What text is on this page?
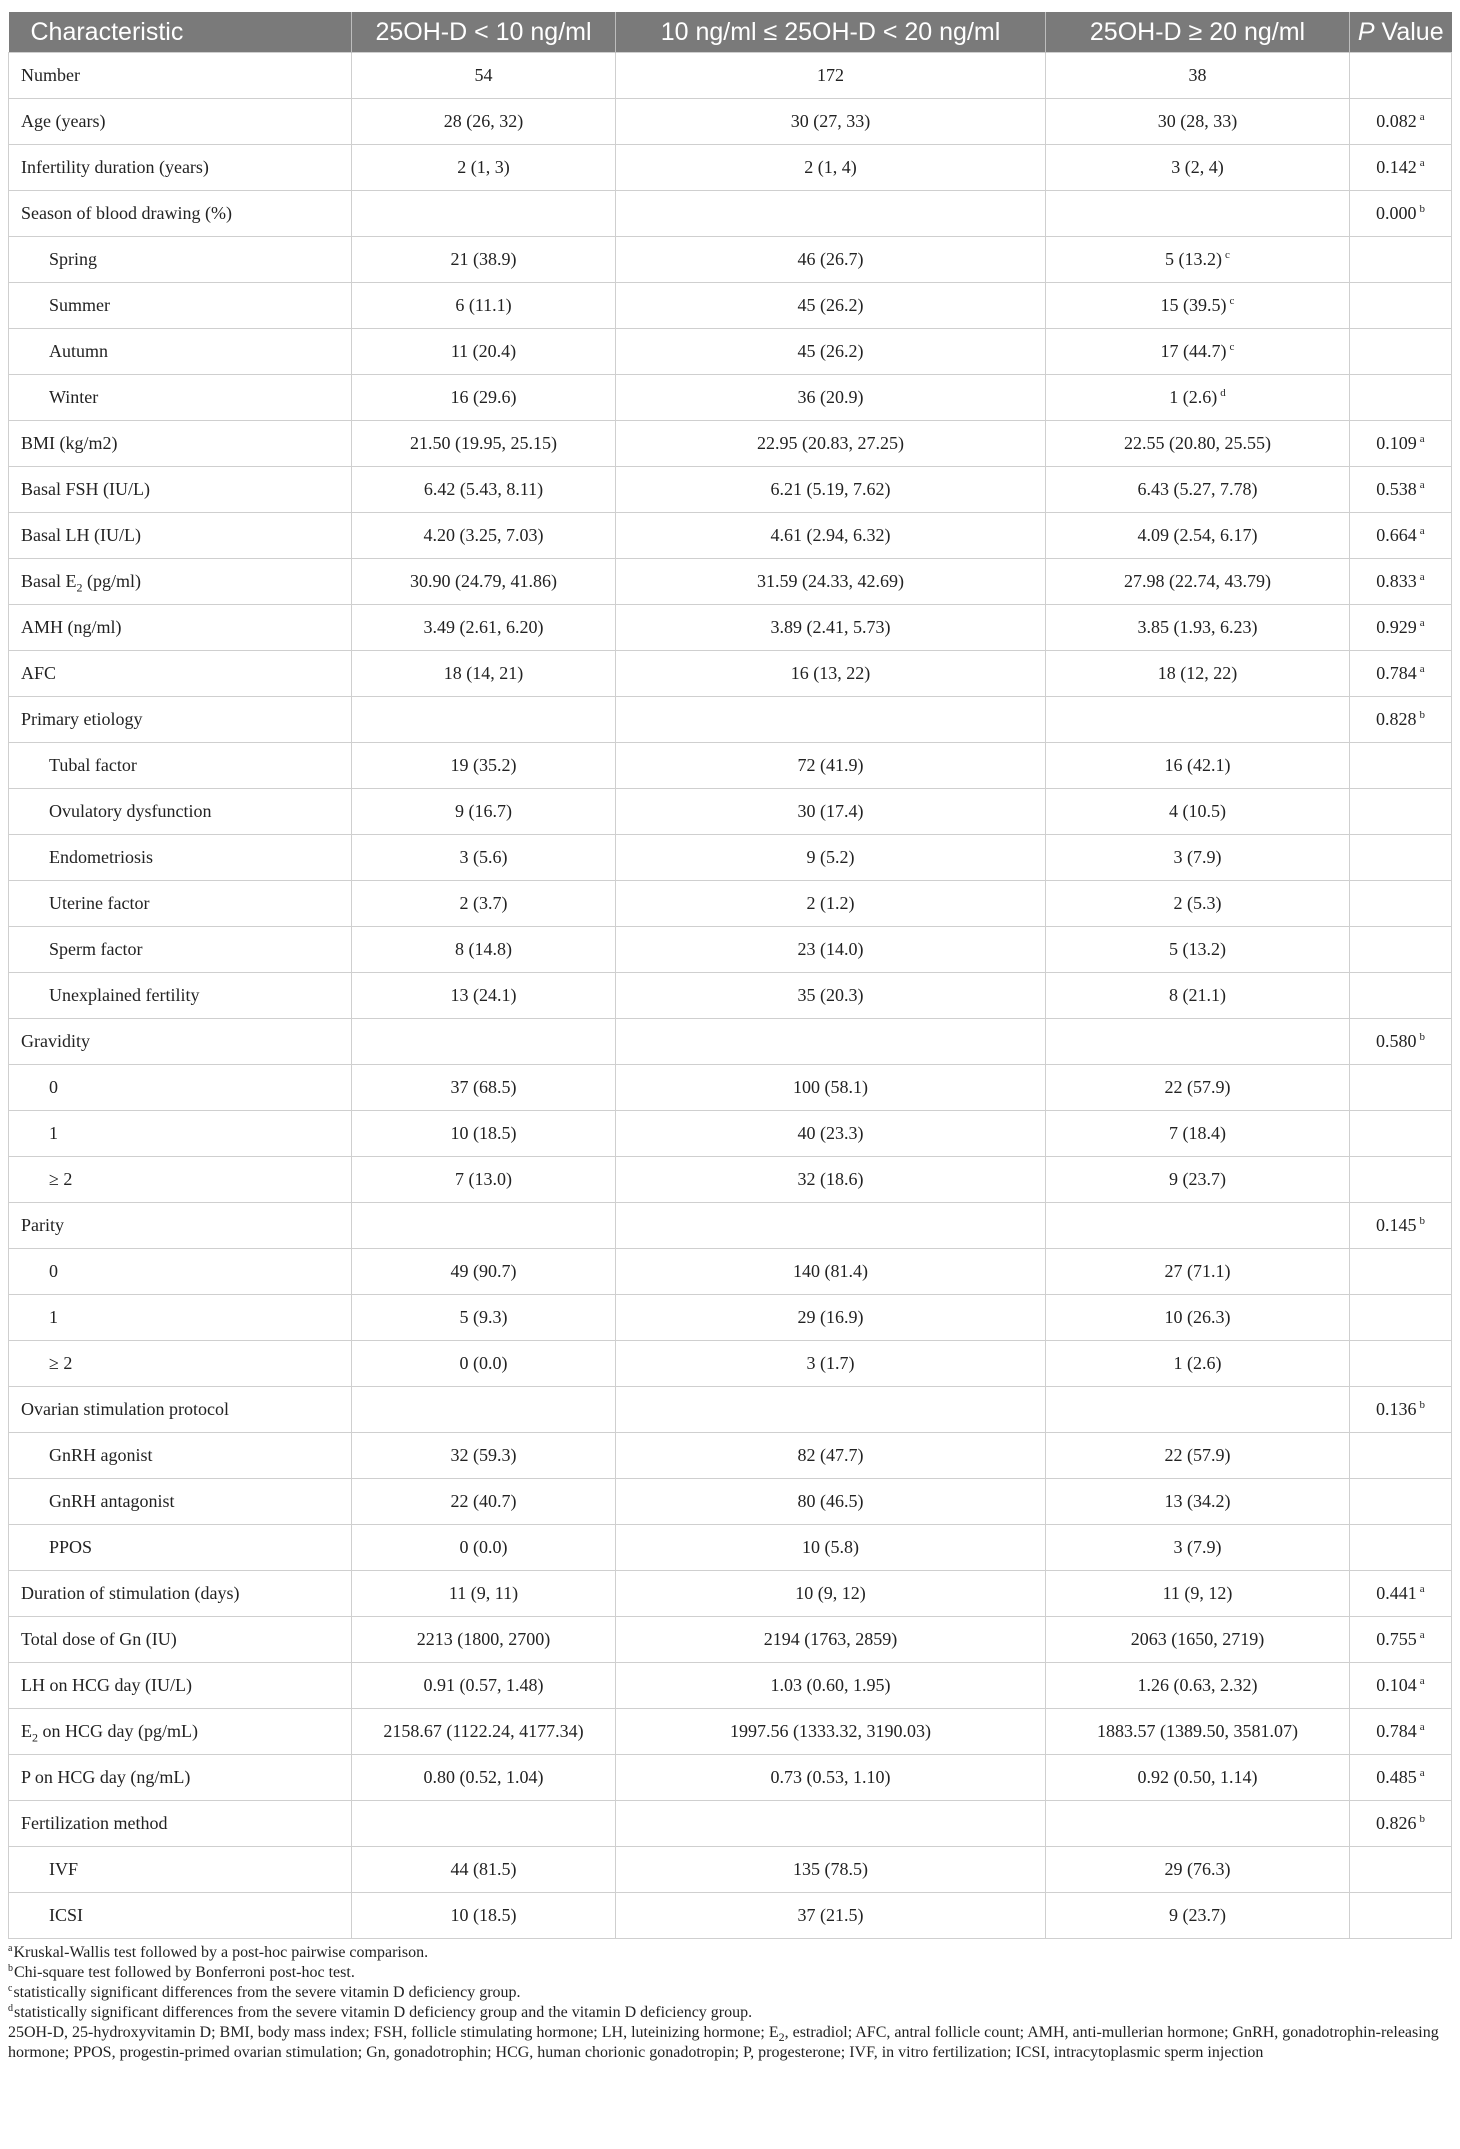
Characteristic	25OH-D < 10 ng/ml	10 ng/ml ≤ 25OH-D < 20 ng/ml	25OH-D ≥ 20 ng/ml	P Value
Number	54	172	38	
Age (years)	28 (26, 32)	30 (27, 33)	30 (28, 33)	0.082 $^a$
Infertility duration (years)	2 (1, 3)	2 (1, 4)	3 (2, 4)	0.142 $^a$
Season of blood drawing (%)				0.000 $^b$
Spring	21 (38.9)	46 (26.7)	5 (13.2) $^c$	
Summer	6 (11.1)	45 (26.2)	15 (39.5) $^c$	
Autumn	11 (20.4)	45 (26.2)	17 (44.7) $^c$	
Winter	16 (29.6)	36 (20.9)	1 (2.6) $^d$	
BMI (kg/m2)	21.50 (19.95, 25.15)	22.95 (20.83, 27.25)	22.55 (20.80, 25.55)	0.109 $^a$
Basal FSH (IU/L)	6.42 (5.43, 8.11)	6.21 (5.19, 7.62)	6.43 (5.27, 7.78)	0.538 $^a$
Basal LH (IU/L)	4.20 (3.25, 7.03)	4.61 (2.94, 6.32)	4.09 (2.54, 6.17)	0.664 $^a$
Basal $E_2$ (pg/ml)	30.90 (24.79, 41.86)	31.59 (24.33, 42.69)	27.98 (22.74, 43.79)	0.833 $^a$
AMH (ng/ml)	3.49 (2.61, 6.20)	3.89 (2.41, 5.73)	3.85 (1.93, 6.23)	0.929 $^a$
AFC	18 (14, 21)	16 (13, 22)	18 (12, 22)	0.784 $^a$
Primary etiology				0.828 $^b$
Tubal factor	19 (35.2)	72 (41.9)	16 (42.1)	
Ovulatory dysfunction	9 (16.7)	30 (17.4)	4 (10.5)	
Endometriosis	3 (5.6)	9 (5.2)	3 (7.9)	
Uterine factor	2 (3.7)	2 (1.2)	2 (5.3)	
Sperm factor	8 (14.8)	23 (14.0)	5 (13.2)	
Unexplained fertility	13 (24.1)	35 (20.3)	8 (21.1)	
Gravidity				0.580 $^b$
0	37 (68.5)	100 (58.1)	22 (57.9)	
1	10 (18.5)	40 (23.3)	7 (18.4)	
≥ 2	7 (13.0)	32 (18.6)	9 (23.7)	
Parity				0.145 $^b$
0	49 (90.7)	140 (81.4)	27 (71.1)	
1	5 (9.3)	29 (16.9)	10 (26.3)	
≥ 2	0 (0.0)	3 (1.7)	1 (2.6)	
Ovarian stimulation protocol				0.136 $^b$
GnRH agonist	32 (59.3)	82 (47.7)	22 (57.9)	
GnRH antagonist	22 (40.7)	80 (46.5)	13 (34.2)	
PPOS	0 (0.0)	10 (5.8)	3 (7.9)	
Duration of stimulation (days)	11 (9, 11)	10 (9, 12)	11 (9, 12)	0.441 $^a$
Total dose of Gn (IU)	2213 (1800, 2700)	2194 (1763, 2859)	2063 (1650, 2719)	0.755 $^a$
LH on HCG day (IU/L)	0.91 (0.57, 1.48)	1.03 (0.60, 1.95)	1.26 (0.63, 2.32)	0.104 $^a$
$E_2$ on HCG day (pg/mL)	2158.67 (1122.24, 4177.34)	1997.56 (1333.32, 3190.03)	1883.57 (1389.50, 3581.07)	0.784 $^a$
P on HCG day (ng/mL)	0.80 (0.52, 1.04)	0.73 (0.53, 1.10)	0.92 (0.50, 1.14)	0.485 $^a$
Fertilization method				0.826 $^b$
IVF	44 (81.5)	135 (78.5)	29 (76.3)	
ICSI	10 (18.5)	37 (21.5)	9 (23.7)	

$^a$Kruskal-Wallis test followed by a post-hoc pairwise comparison.

$^b$Chi-square test followed by Bonferroni post-hoc test.

$^c$statistically significant differences from the severe vitamin D deficiency group.

$^d$statistically significant differences from the severe vitamin D deficiency group and the vitamin D deficiency group.

25OH-D, 25-hydroxyvitamin D; BMI, body mass index; FSH, follicle stimulating hormone; LH, luteinizing hormone; $E_2$, estradiol; AFC, antral follicle count; AMH, anti-mullerian hormone; GnRH, gonadotrophin-releasing hormone; PPOS, progestin-primed ovarian stimulation; Gn, gonadotrophin; HCG, human chorionic gonadotropin; P, progesterone; IVF, in vitro fertilization; ICSI, intracytoplasmic sperm injection
